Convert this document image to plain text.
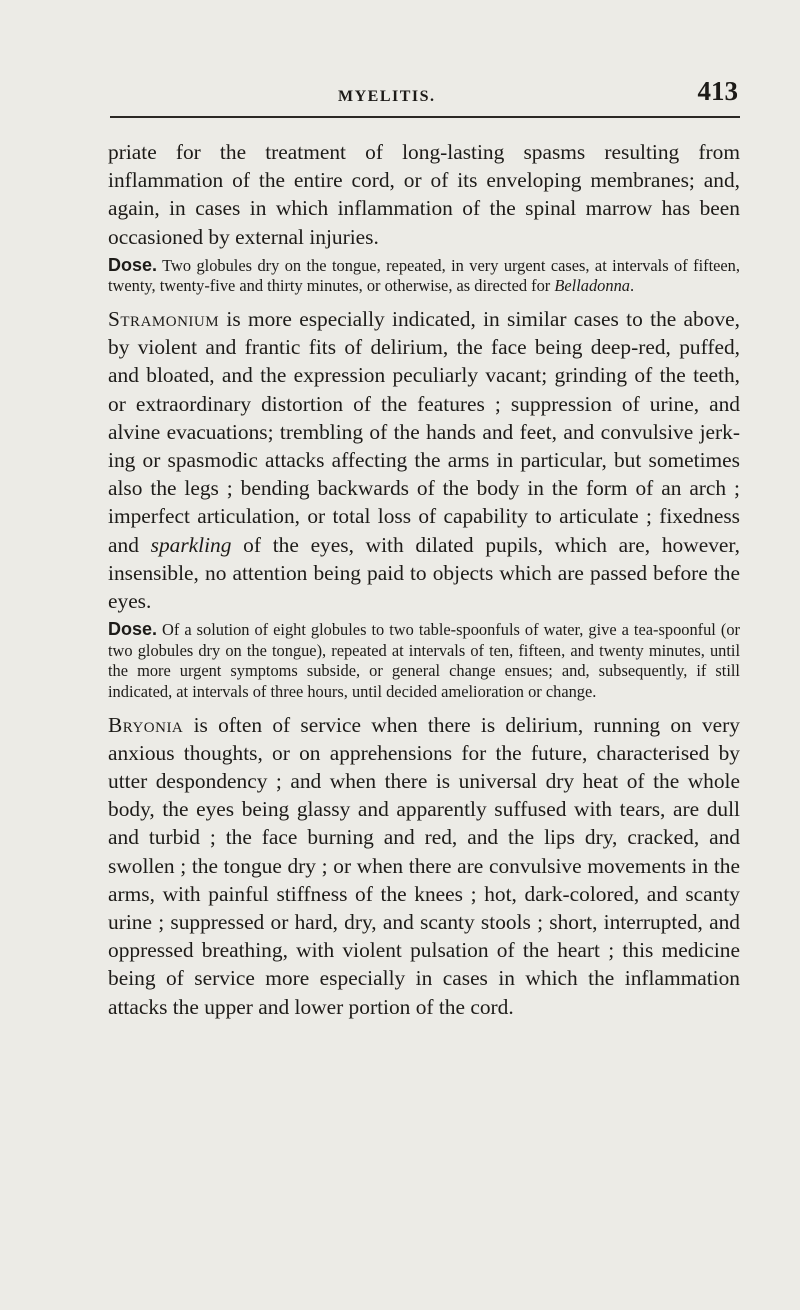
MYELITIS.	413

priate for the treatment of long-lasting spasms resulting from inflammation of the entire cord, or of its enveloping membranes; and, again, in cases in which inflammation of the spinal marrow has been occasioned by external injuries.

Dose. Two globules dry on the tongue, repeated, in very urgent cases, at intervals of fifteen, twenty, twenty-five and thirty minutes, or otherwise, as directed for Belladonna.

Stramonium is more especially indicated, in similar cases to the above, by violent and frantic fits of delirium, the face being deep-red, puffed, and bloated, and the expression peculiarly vacant; grinding of the teeth, or extraordinary distortion of the features ; suppression of urine, and alvine evacuations; trembling of the hands and feet, and convulsive jerking or spasmodic attacks affecting the arms in particular, but sometimes also the legs ; bending backwards of the body in the form of an arch ; imperfect articulation, or total loss of capability to articulate ; fixedness and sparkling of the eyes, with dilated pupils, which are, however, insensible, no attention being paid to objects which are passed before the eyes.

Dose. Of a solution of eight globules to two table-spoonfuls of water, give a tea-spoonful (or two globules dry on the tongue), repeated at intervals of ten, fifteen, and twenty minutes, until the more urgent symptoms subside, or general change ensues; and, subsequently, if still indicated, at intervals of three hours, until decided amelioration or change.

Bryonia is often of service when there is delirium, running on very anxious thoughts, or on apprehensions for the future, characterised by utter despondency ; and when there is universal dry heat of the whole body, the eyes being glassy and apparently suffused with tears, are dull and turbid ; the face burning and red, and the lips dry, cracked, and swollen ; the tongue dry ; or when there are convulsive movements in the arms, with painful stiffness of the knees ; hot, dark-colored, and scanty urine ; suppressed or hard, dry, and scanty stools ; short, interrupted, and oppressed breathing, with violent pulsation of the heart ; this medicine being of service more especially in cases in which the inflammation attacks the upper and lower portion of the cord.
